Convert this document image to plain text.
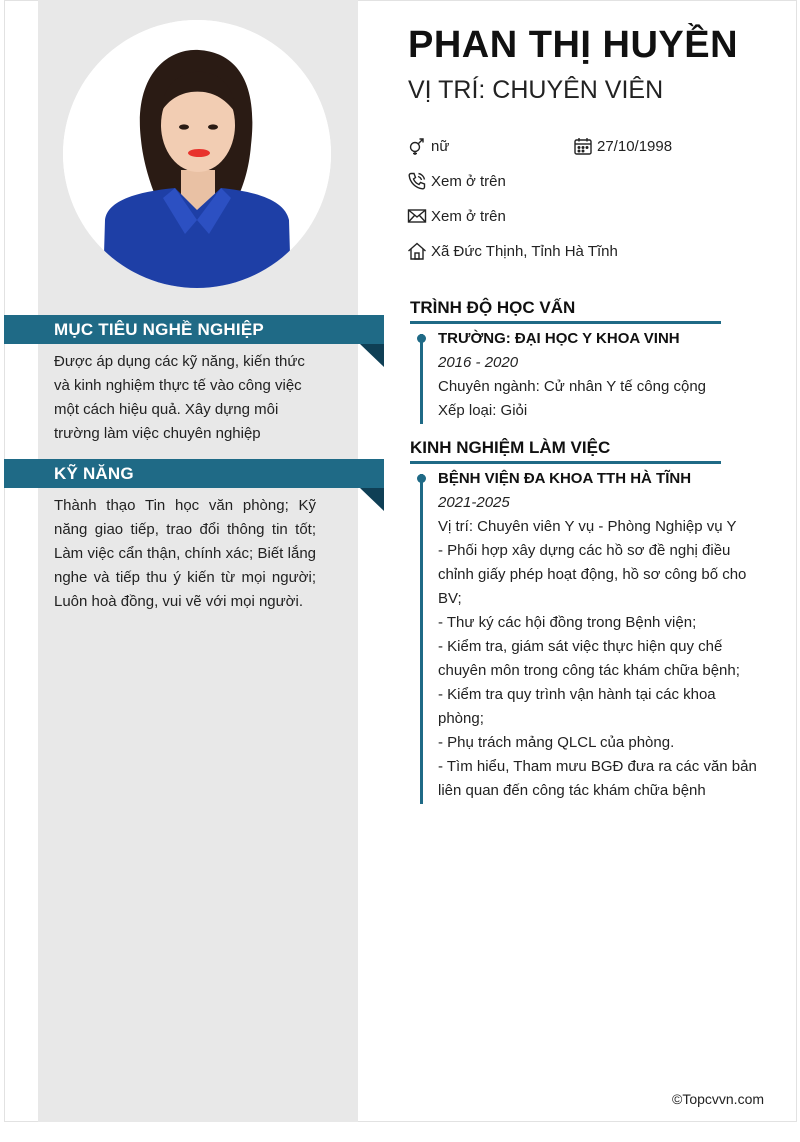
MỤC TIÊU NGHỀ NGHIỆP
Được áp dụng các kỹ năng, kiến thức và kinh nghiệm thực tế vào công việc một cách hiệu quả. Xây dựng môi trường làm việc chuyên nghiệp
KỸ NĂNG
Thành thạo Tin học văn phòng; Kỹ năng giao tiếp, trao đổi thông tin tốt; Làm việc cẩn thận, chính xác; Biết lắng nghe và tiếp thu ý kiến từ mọi người; Luôn hoà đồng, vui vẽ với mọi người.
PHAN THỊ HUYỀN
VỊ TRÍ: CHUYÊN VIÊN
nữ	27/10/1998
Xem ở trên
Xem ở trên
Xã Đức Thịnh, Tỉnh Hà Tĩnh
TRÌNH ĐỘ HỌC VẤN
TRƯỜNG: ĐẠI HỌC Y KHOA VINH
2016 - 2020
Chuyên ngành: Cử nhân Y tế công cộng
Xếp loại: Giỏi
KINH NGHIỆM LÀM VIỆC
BỆNH VIỆN ĐA KHOA TTH HÀ TĨNH
2021-2025
Vị trí: Chuyên viên Y vụ - Phòng Nghiệp vụ Y
- Phối hợp xây dựng các hồ sơ đề nghị điều
chỉnh giấy phép hoạt động, hồ sơ công bố cho
BV;
- Thư ký các hội đồng trong Bệnh viện;
- Kiểm tra, giám sát việc thực hiện quy chế
chuyên môn trong công tác khám chữa bệnh;
- Kiểm tra quy trình vận hành tại các khoa
phòng;
- Phụ trách mảng QLCL của phòng.
- Tìm hiểu, Tham mưu BGĐ đưa ra các văn bản
liên quan đến công tác khám chữa bệnh
©Topcvvn.com
